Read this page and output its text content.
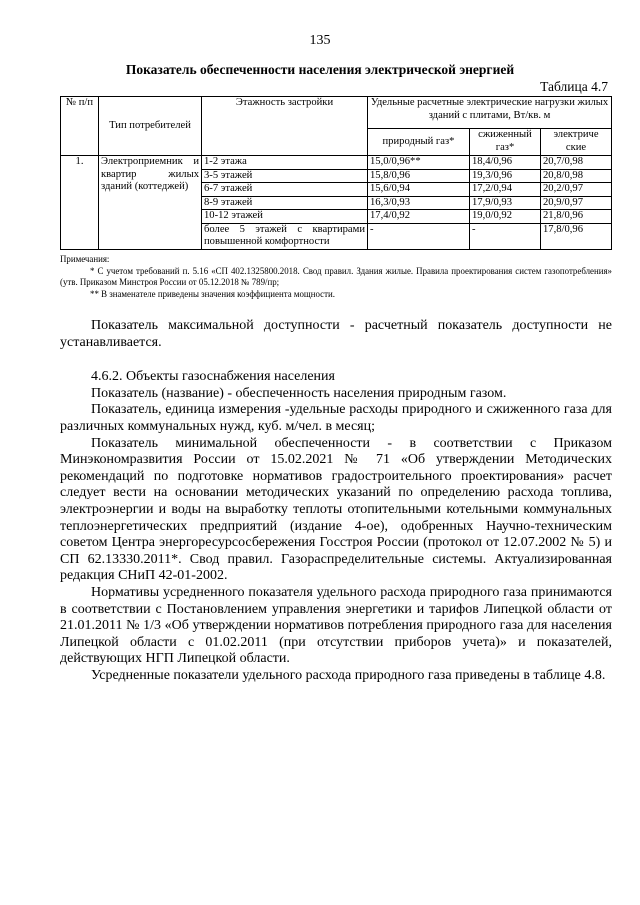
135
Показатель обеспеченности населения электрической энергией
Таблица 4.7
№ п/п	Тип потребителей	Этажность застройки	Удельные расчетные электрические нагрузки жилых зданий с плитами, Вт/кв. м		
			природный газ*	сжиженный газ*	электриче ские
1.	Электроприемник и квартир жилых зданий (коттеджей)	1-2 этажа	15,0/0,96**	18,4/0,96	20,7/0,98
		3-5 этажей	15,8/0,96	19,3/0,96	20,8/0,98
		6-7 этажей	15,6/0,94	17,2/0,94	20,2/0,97
		8-9 этажей	16,3/0,93	17,9/0,93	20,9/0,97
		10-12 этажей	17,4/0,92	19,0/0,92	21,8/0,96
		более 5 этажей с квартирами повышенной комфортности	-	-	17,8/0,96
Примечания:
* С учетом требований п. 5.16 «СП 402.1325800.2018. Свод правил. Здания жилые. Правила проектирования систем газопотребления» (утв. Приказом Минстроя России от 05.12.2018 № 789/пр;
** В знаменателе приведены значения коэффициента мощности.

Показатель максимальной доступности - расчетный показатель доступности не устанавливается.

4.6.2. Объекты газоснабжения населения

Показатель (название) - обеспеченность населения природным газом.

Показатель, единица измерения -удельные расходы природного и сжиженного газа для различных коммунальных нужд, куб. м/чел. в месяц;

Показатель минимальной обеспеченности - в соответствии с Приказом Минэкономразвития России от 15.02.2021 № 71 «Об утверждении Методических рекомендаций по подготовке нормативов градостроительного проектирования» расчет следует вести на основании методических указаний по определению расхода топлива, электроэнергии и воды на выработку теплоты отопительными котельными коммунальных теплоэнергетических предприятий (издание 4-ое), одобренных Научно-техническим советом Центра энергоресурсосбережения Госстроя России (протокол от 12.07.2002 № 5) и СП 62.13330.2011*. Свод правил. Газораспределительные системы. Актуализированная редакция СНиП 42-01-2002.

Нормативы усредненного показателя удельного расхода природного газа принимаются в соответствии с Постановлением управления энергетики и тарифов Липецкой области от 21.01.2011 № 1/3 «Об утверждении нормативов потребления природного газа для населения Липецкой области с 01.02.2011 (при отсутствии приборов учета)» и показателей, действующих НГП Липецкой области.

Усредненные показатели удельного расхода природного газа приведены в таблице 4.8.
